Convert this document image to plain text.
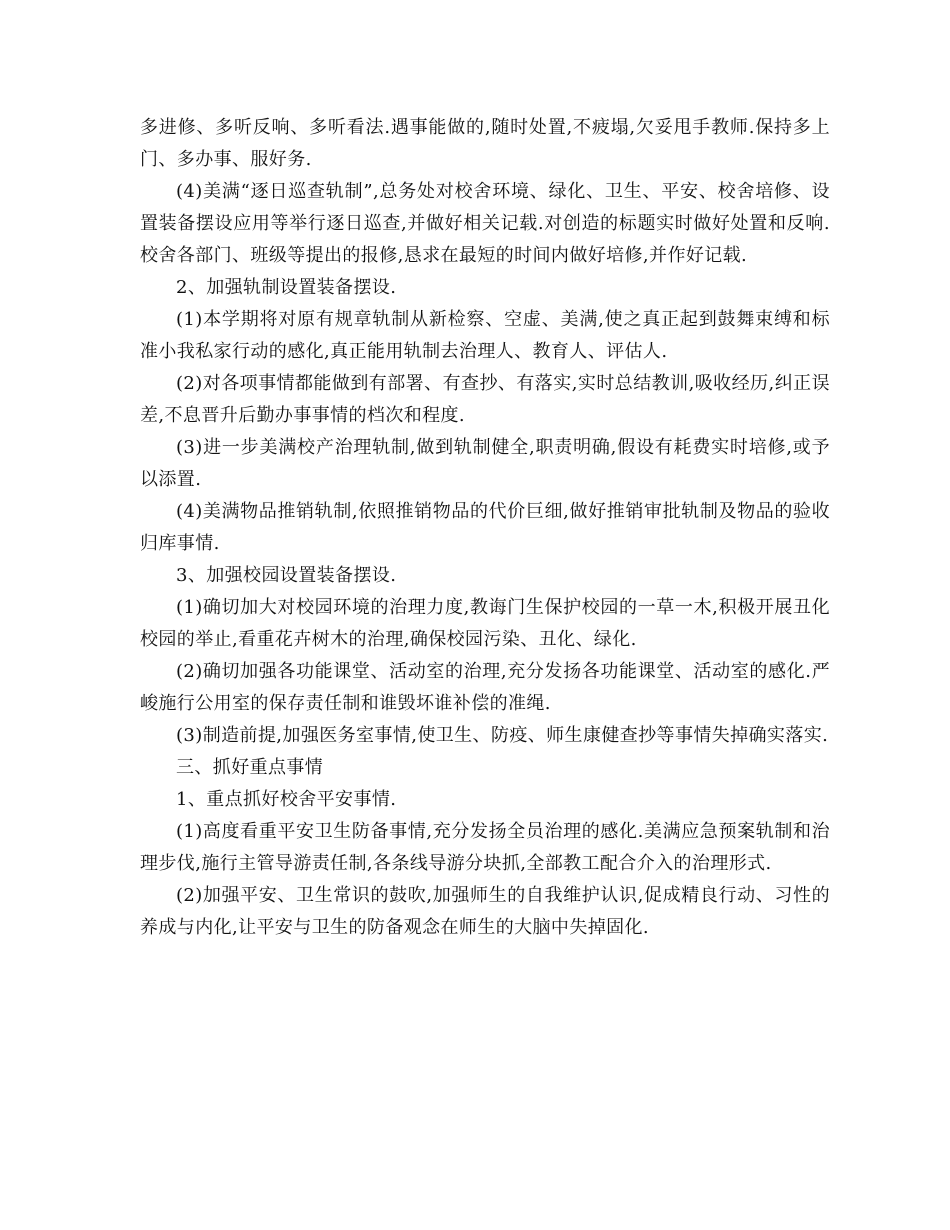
多进修、多听反响、多听看法.遇事能做的,随时处置,不疲塌,欠妥甩手教师.保持多上门、多办事、服好务.

(4)美满“逐日巡查轨制”,总务处对校舍环境、绿化、卫生、平安、校舍培修、设置装备摆设应用等举行逐日巡查,并做好相关记载.对创造的标题实时做好处置和反响.校舍各部门、班级等提出的报修,恳求在最短的时间内做好培修,并作好记载.

2、加强轨制设置装备摆设.

(1)本学期将对原有规章轨制从新检察、空虚、美满,使之真正起到鼓舞束缚和标准小我私家行动的感化,真正能用轨制去治理人、教育人、评估人.

(2)对各项事情都能做到有部署、有查抄、有落实,实时总结教训,吸收经历,纠正误差,不息晋升后勤办事事情的档次和程度.

(3)进一步美满校产治理轨制,做到轨制健全,职责明确,假设有耗费实时培修,或予以添置.

(4)美满物品推销轨制,依照推销物品的代价巨细,做好推销审批轨制及物品的验收归库事情.

3、加强校园设置装备摆设.

(1)确切加大对校园环境的治理力度,教诲门生保护校园的一草一木,积极开展丑化校园的举止,看重花卉树木的治理,确保校园污染、丑化、绿化.

(2)确切加强各功能课堂、活动室的治理,充分发扬各功能课堂、活动室的感化.严峻施行公用室的保存责任制和谁毁坏谁补偿的准绳.

(3)制造前提,加强医务室事情,使卫生、防疫、师生康健查抄等事情失掉确实落实.

三、抓好重点事情

1、重点抓好校舍平安事情.

(1)高度看重平安卫生防备事情,充分发扬全员治理的感化.美满应急预案轨制和治理步伐,施行主管导游责任制,各条线导游分块抓,全部教工配合介入的治理形式.

(2)加强平安、卫生常识的鼓吹,加强师生的自我维护认识,促成精良行动、习性的养成与内化,让平安与卫生的防备观念在师生的大脑中失掉固化.
